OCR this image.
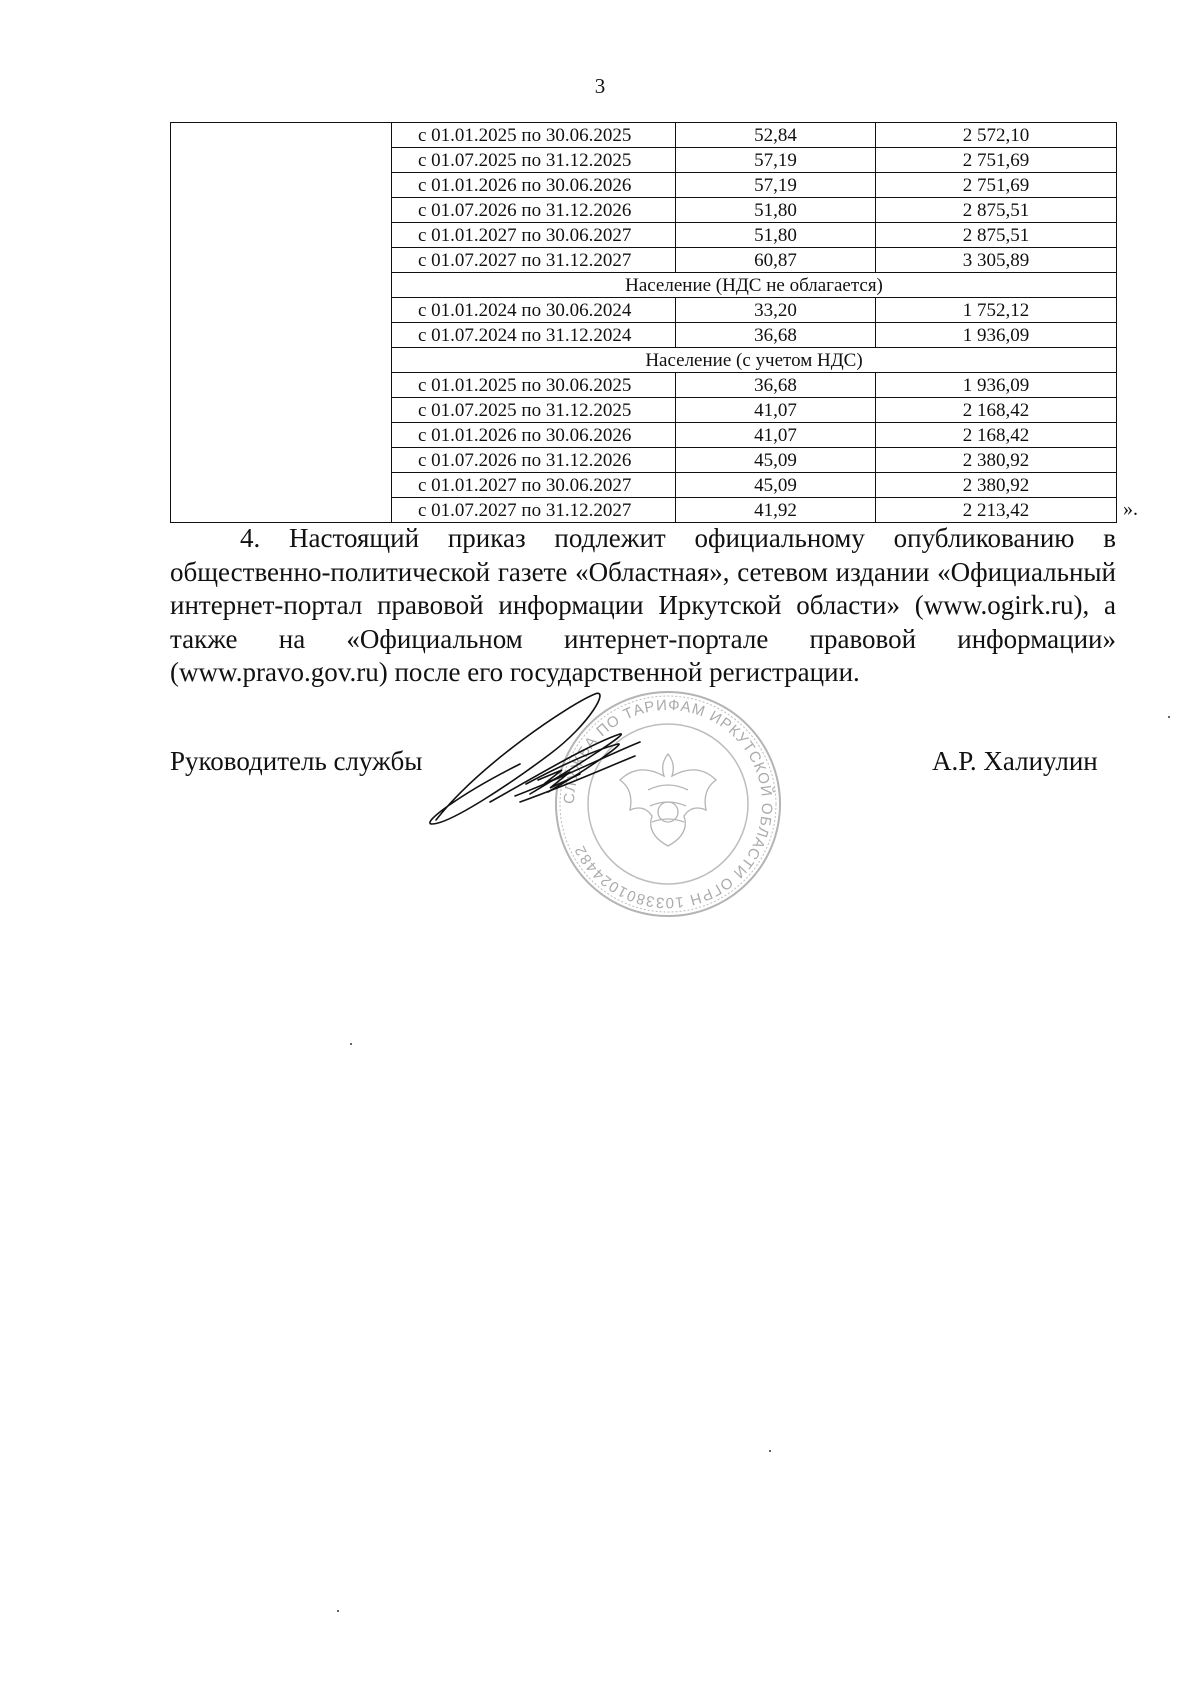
3
	с 01.01.2025 по 30.06.2025	52,84	2 572,10
	с 01.07.2025 по 31.12.2025	57,19	2 751,69
	с 01.01.2026 по 30.06.2026	57,19	2 751,69
	с 01.07.2026 по 31.12.2026	51,80	2 875,51
	с 01.01.2027 по 30.06.2027	51,80	2 875,51
	с 01.07.2027 по 31.12.2027	60,87	3 305,89
	Население (НДС не облагается)		
	с 01.01.2024 по 30.06.2024	33,20	1 752,12
	с 01.07.2024 по 31.12.2024	36,68	1 936,09
	Население (с учетом НДС)		
	с 01.01.2025 по 30.06.2025	36,68	1 936,09
	с 01.07.2025 по 31.12.2025	41,07	2 168,42
	с 01.01.2026 по 30.06.2026	41,07	2 168,42
	с 01.07.2026 по 31.12.2026	45,09	2 380,92
	с 01.01.2027 по 30.06.2027	45,09	2 380,92
	с 01.07.2027 по 31.12.2027	41,92	2 213,42	».
4. Настоящий приказ подлежит официальному опубликованию в общественно-политической газете «Областная», сетевом издании «Официальный интернет-портал правовой информации Иркутской области» (www.ogirk.ru), а также на «Официальном интернет-портале правовой информации» (www.pravo.gov.ru) после его государственной регистрации.
Руководитель службы	А.Р. Халиулин
СЛУЖБА ПО ТАРИФАМ ИРКУТСКОЙ ОБЛАСТИ ОГРН 1033801024482
